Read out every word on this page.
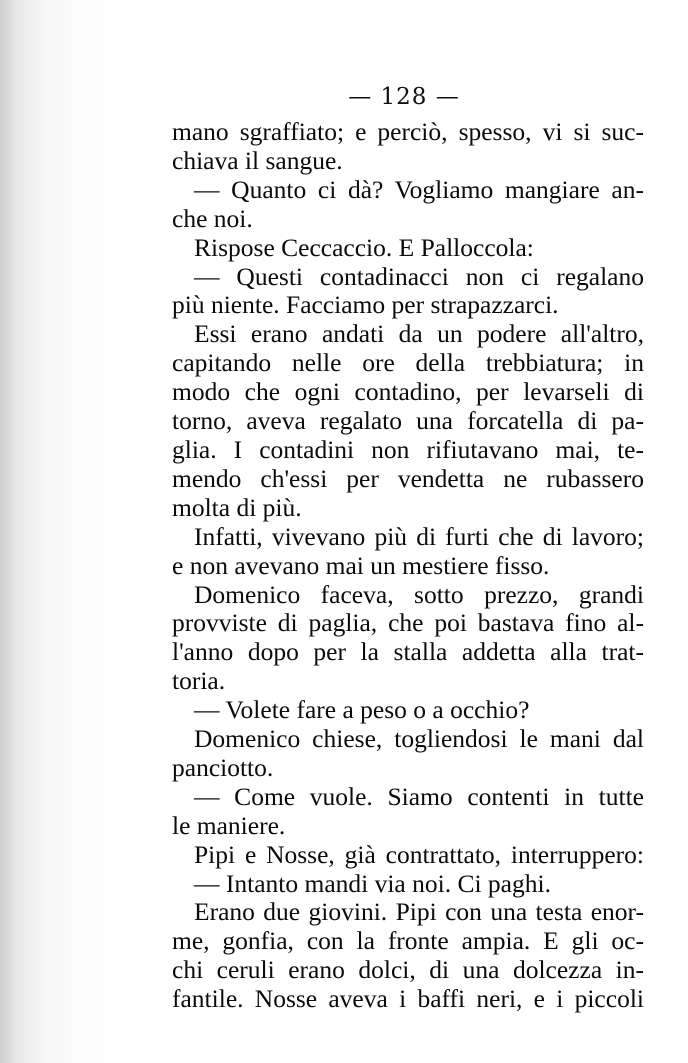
— 128 —
mano sgraffiato; e perciò, spesso, vi si suc-
chiava il sangue.
— Quanto ci dà? Vogliamo mangiare an-
che noi.
Rispose Ceccaccio. E Palloccola:
— Questi contadinacci non ci regalano
più niente. Facciamo per strapazzarci.
Essi erano andati da un podere all'altro,
capitando nelle ore della trebbiatura; in
modo che ogni contadino, per levarseli di
torno, aveva regalato una forcatella di pa-
glia. I contadini non rifiutavano mai, te-
mendo ch'essi per vendetta ne rubassero
molta di più.
Infatti, vivevano più di furti che di lavoro;
e non avevano mai un mestiere fisso.
Domenico faceva, sotto prezzo, grandi
provviste di paglia, che poi bastava fino al-
l'anno dopo per la stalla addetta alla trat-
toria.
— Volete fare a peso o a occhio?
Domenico chiese, togliendosi le mani dal
panciotto.
— Come vuole. Siamo contenti in tutte
le maniere.
Pipi e Nosse, già contrattato, interruppero:
— Intanto mandi via noi. Ci paghi.
Erano due giovini. Pipi con una testa enor-
me, gonfia, con la fronte ampia. E gli oc-
chi ceruli erano dolci, di una dolcezza in-
fantile. Nosse aveva i baffi neri, e i piccoli
